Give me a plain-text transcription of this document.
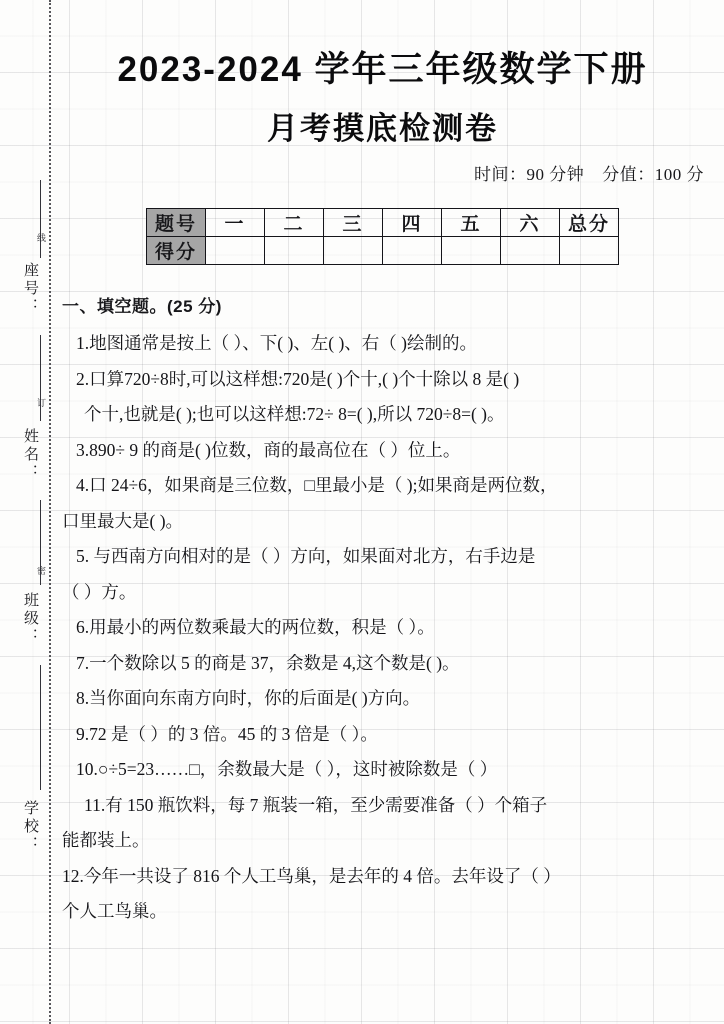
座号：
姓名：
班级：
学校：
线
订
密
2023-2024 学年三年级数学下册
月考摸底检测卷
时间：90 分钟 分值：100 分
题号	一	二	三	四	五	六	总分
得分							
一、填空题。(25 分)
1.地图通常是按上（ ）、下( )、左( )、右（ )绘制的。
2.口算720÷8时,可以这样想:720是( )个十,( )个十除以 8 是( )
个十,也就是( );也可以这样想:72÷ 8=( ),所以 720÷8=( )。
3.890÷ 9 的商是( )位数，商的最高位在（ ）位上。
4.口 24÷6，如果商是三位数，□里最小是（ );如果商是两位数，
口里最大是( )。
5. 与西南方向相对的是（ ）方向，如果面对北方，右手边是
（ ）方。
6.用最小的两位数乘最大的两位数，积是（ ）。
7.一个数除以 5 的商是 37，余数是 4,这个数是( )。
8.当你面向东南方向时，你的后面是( )方向。
9.72 是（ ）的 3 倍。45 的 3 倍是（ ）。
10.○÷5=23……□，余数最大是（ ），这时被除数是（ ）
11.有 150 瓶饮料，每 7 瓶装一箱，至少需要准备（ ）个箱子
能都装上。
12.今年一共设了 816 个人工鸟巢，是去年的 4 倍。去年设了（ ）
个人工鸟巢。
